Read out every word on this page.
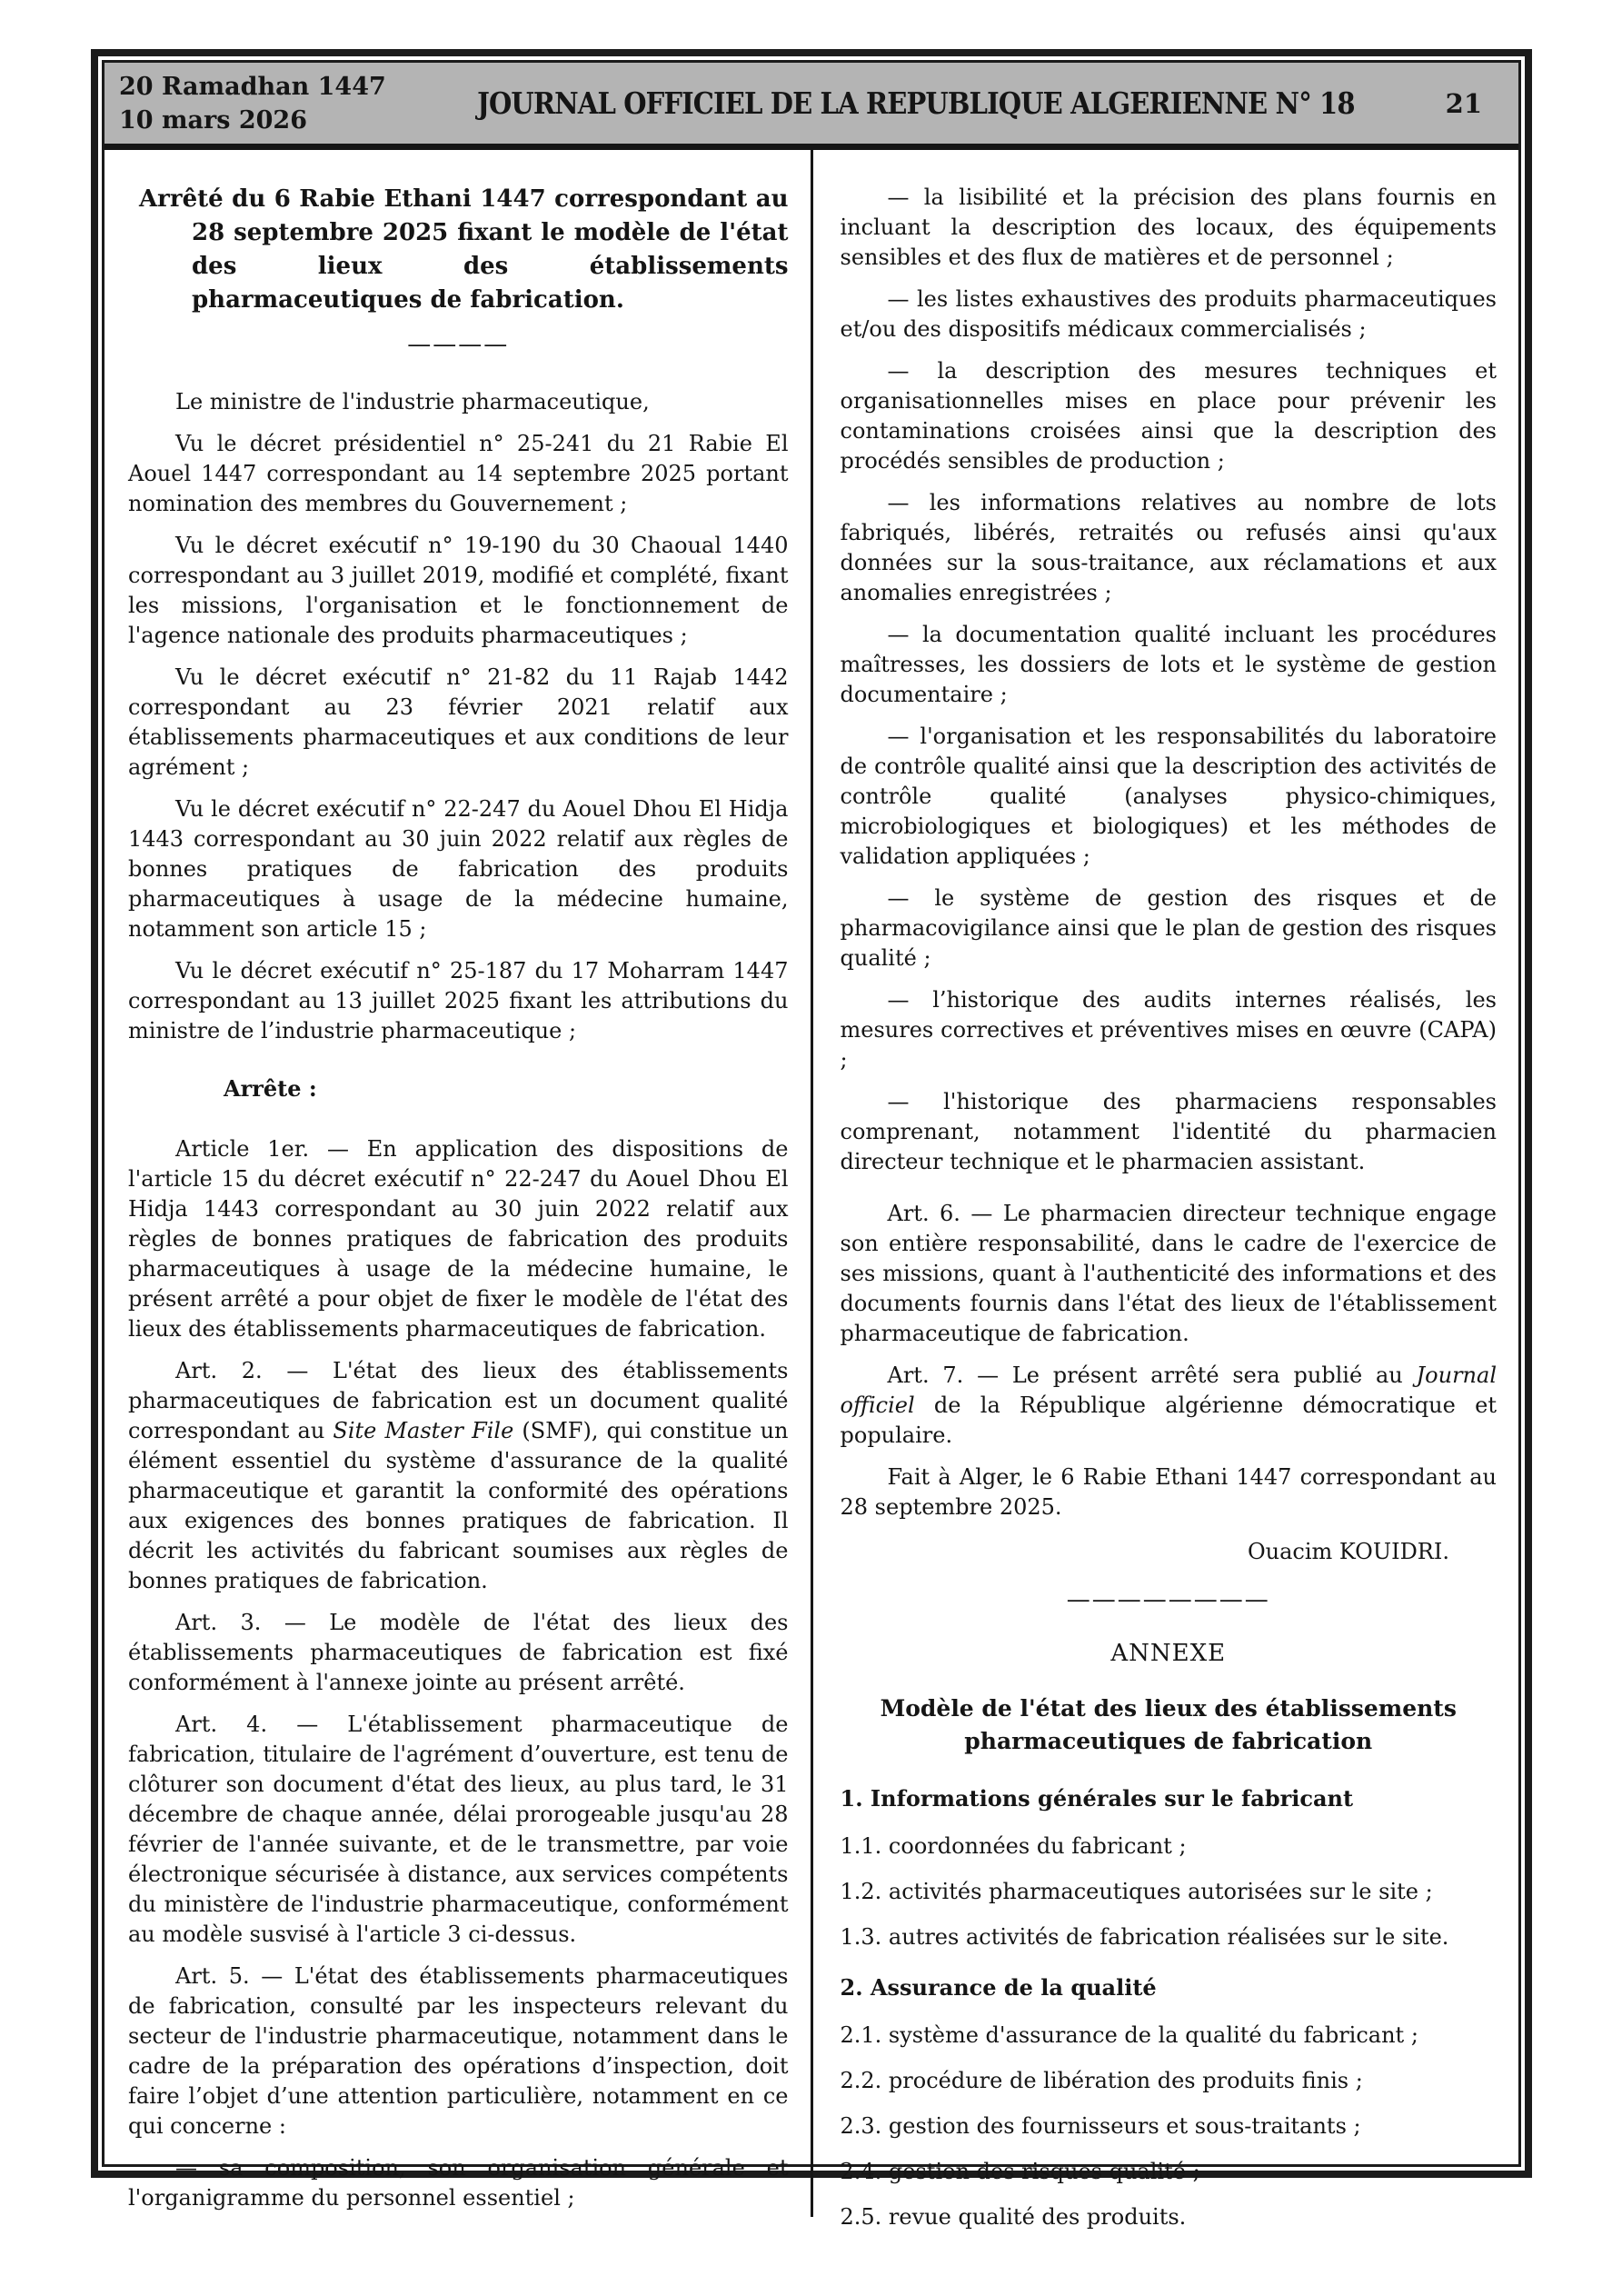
20 Ramadhan 1447
10 mars 2026	JOURNAL OFFICIEL DE LA REPUBLIQUE ALGERIENNE N° 18	21
Arrêté du 6 Rabie Ethani 1447 correspondant au 28 septembre 2025 fixant le modèle de l'état des lieux des établissements pharmaceutiques de fabrication.
————

Le ministre de l'industrie pharmaceutique,

Vu le décret présidentiel n° 25-241 du 21 Rabie El Aouel 1447 correspondant au 14 septembre 2025 portant nomination des membres du Gouvernement ;

Vu le décret exécutif n° 19-190 du 30 Chaoual 1440 correspondant au 3 juillet 2019, modifié et complété, fixant les missions, l'organisation et le fonctionnement de l'agence nationale des produits pharmaceutiques ;

Vu le décret exécutif n° 21-82 du 11 Rajab 1442 correspondant au 23 février 2021 relatif aux établissements pharmaceutiques et aux conditions de leur agrément ;

Vu le décret exécutif n° 22-247 du Aouel Dhou El Hidja 1443 correspondant au 30 juin 2022 relatif aux règles de bonnes pratiques de fabrication des produits pharmaceutiques à usage de la médecine humaine, notamment son article 15 ;

Vu le décret exécutif n° 25-187 du 17 Moharram 1447 correspondant au 13 juillet 2025 fixant les attributions du ministre de l’industrie pharmaceutique ;

Arrête :

Article 1er. — En application des dispositions de l'article 15 du décret exécutif n° 22-247 du Aouel Dhou El Hidja 1443 correspondant au 30 juin 2022 relatif aux règles de bonnes pratiques de fabrication des produits pharmaceutiques à usage de la médecine humaine, le présent arrêté a pour objet de fixer le modèle de l'état des lieux des établissements pharmaceutiques de fabrication.

Art. 2. — L'état des lieux des établissements pharmaceutiques de fabrication est un document qualité correspondant au Site Master File (SMF), qui constitue un élément essentiel du système d'assurance de la qualité pharmaceutique et garantit la conformité des opérations aux exigences des bonnes pratiques de fabrication. Il décrit les activités du fabricant soumises aux règles de bonnes pratiques de fabrication.

Art. 3. — Le modèle de l'état des lieux des établissements pharmaceutiques de fabrication est fixé conformément à l'annexe jointe au présent arrêté.

Art. 4. — L'établissement pharmaceutique de fabrication, titulaire de l'agrément d’ouverture, est tenu de clôturer son document d'état des lieux, au plus tard, le 31 décembre de chaque année, délai prorogeable jusqu'au 28 février de l'année suivante, et de le transmettre, par voie électronique sécurisée à distance, aux services compétents du ministère de l'industrie pharmaceutique, conformément au modèle susvisé à l'article 3 ci-dessus.

Art. 5. — L'état des établissements pharmaceutiques de fabrication, consulté par les inspecteurs relevant du secteur de l'industrie pharmaceutique, notamment dans le cadre de la préparation des opérations d’inspection, doit faire l’objet d’une attention particulière, notamment en ce qui concerne :

— sa composition, son organisation générale et l'organigramme du personnel essentiel ;

— la lisibilité et la précision des plans fournis en incluant la description des locaux, des équipements sensibles et des flux de matières et de personnel ;

— les listes exhaustives des produits pharmaceutiques et/ou des dispositifs médicaux commercialisés ;

— la description des mesures techniques et organisationnelles mises en place pour prévenir les contaminations croisées ainsi que la description des procédés sensibles de production ;

— les informations relatives au nombre de lots fabriqués, libérés, retraités ou refusés ainsi qu'aux données sur la sous-traitance, aux réclamations et aux anomalies enregistrées ;

— la documentation qualité incluant les procédures maîtresses, les dossiers de lots et le système de gestion documentaire ;

— l'organisation et les responsabilités du laboratoire de contrôle qualité ainsi que la description des activités de contrôle qualité (analyses physico-chimiques, microbiologiques et biologiques) et les méthodes de validation appliquées ;

— le système de gestion des risques et de pharmacovigilance ainsi que le plan de gestion des risques qualité ;

— l’historique des audits internes réalisés, les mesures correctives et préventives mises en œuvre (CAPA) ;

— l'historique des pharmaciens responsables comprenant, notamment l'identité du pharmacien directeur technique et le pharmacien assistant.

Art. 6. — Le pharmacien directeur technique engage son entière responsabilité, dans le cadre de l'exercice de ses missions, quant à l'authenticité des informations et des documents fournis dans l'état des lieux de l'établissement pharmaceutique de fabrication.

Art. 7. — Le présent arrêté sera publié au Journal officiel de la République algérienne démocratique et populaire.

Fait à Alger, le 6 Rabie Ethani 1447 correspondant au 28 septembre 2025.

Ouacim KOUIDRI.

————————

ANNEXE

Modèle de l'état des lieux des établissements pharmaceutiques de fabrication

1. Informations générales sur le fabricant

1.1. coordonnées du fabricant ;

1.2. activités pharmaceutiques autorisées sur le site ;

1.3. autres activités de fabrication réalisées sur le site.

2. Assurance de la qualité

2.1. système d'assurance de la qualité du fabricant ;

2.2. procédure de libération des produits finis ;

2.3. gestion des fournisseurs et sous-traitants ;

2.4. gestion des risques qualité ;

2.5. revue qualité des produits.
